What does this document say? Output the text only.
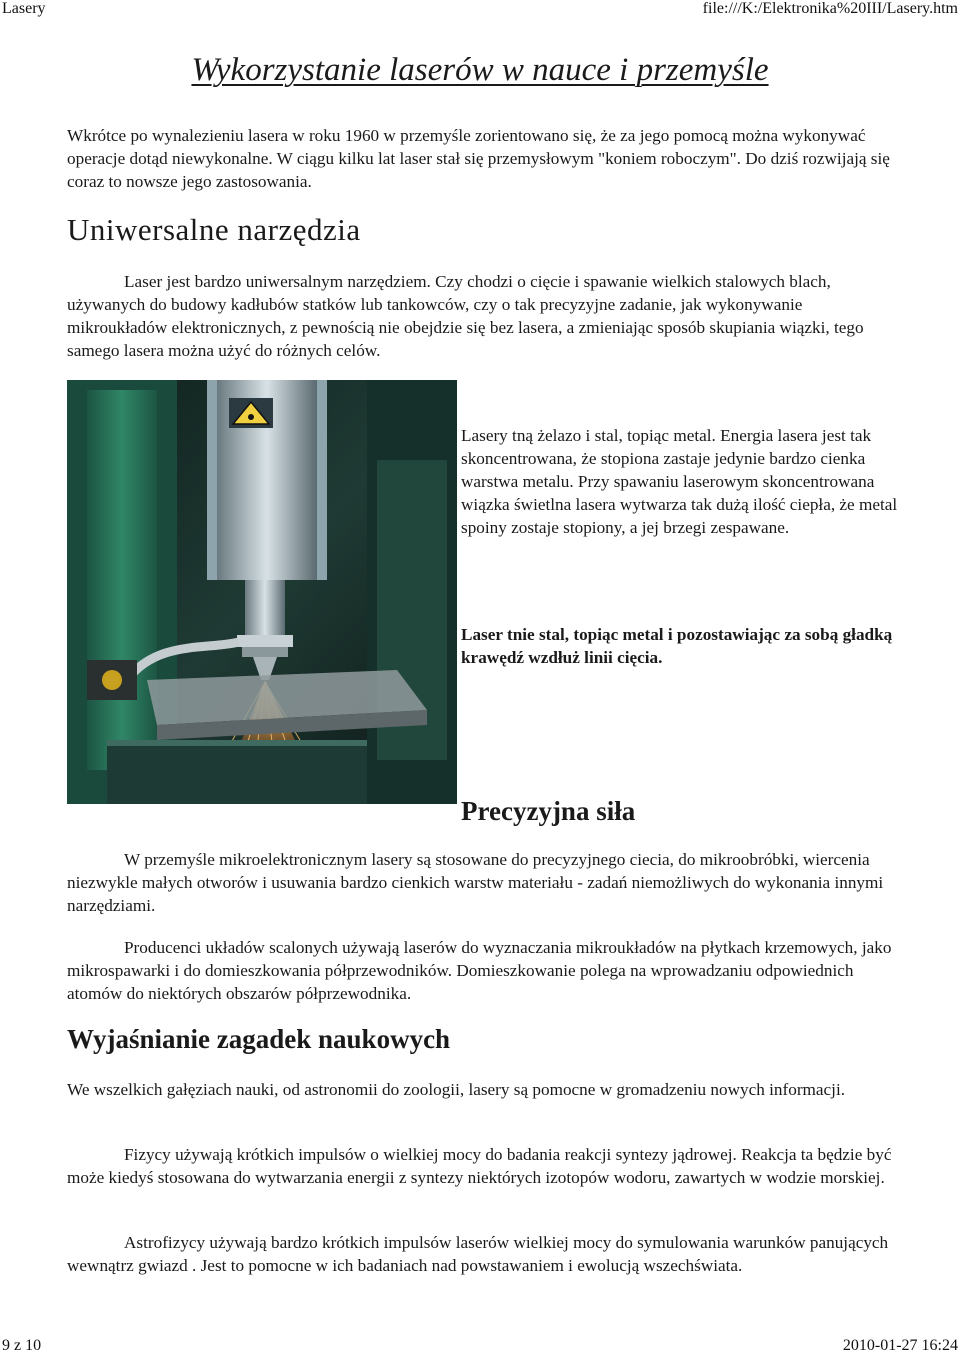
Lasery	file:///K:/Elektronika%20III/Lasery.htm
Wykorzystanie laserów w nauce i przemyśle

Wkrótce po wynalezieniu lasera w roku 1960 w przemyśle zorientowano się, że za jego pomocą można wykonywać operacje dotąd niewykonalne. W ciągu kilku lat laser stał się przemysłowym "koniem roboczym". Do dziś rozwijają się coraz to nowsze jego zastosowania.

Uniwersalne narzędzia

Laser jest bardzo uniwersalnym narzędziem. Czy chodzi o cięcie i spawanie wielkich stalowych blach, używanych do budowy kadłubów statków lub tankowców, czy o tak precyzyjne zadanie, jak wykonywanie mikroukładów elektronicznych, z pewnością nie obejdzie się bez lasera, a zmieniając sposób skupiania wiązki, tego samego lasera można użyć do różnych celów.

Lasery tną żelazo i stal, topiąc metal. Energia lasera jest tak skoncentrowana, że stopiona zastaje jedynie bardzo cienka warstwa metalu. Przy spawaniu laserowym skoncentrowana wiązka świetlna lasera wytwarza tak dużą ilość ciepła, że metal spoiny zostaje stopiony, a jej brzegi zespawane.

Laser tnie stal, topiąc metal i pozostawiając za sobą gładką krawędź wzdłuż linii cięcia.

Precyzyjna siła

W przemyśle mikroelektronicznym lasery są stosowane do precyzyjnego ciecia, do mikroobróbki, wiercenia niezwykle małych otworów i usuwania bardzo cienkich warstw materiału - zadań niemożliwych do wykonania innymi narzędziami.

Producenci układów scalonych używają laserów do wyznaczania mikroukładów na płytkach krzemowych, jako mikrospawarki i do domieszkowania półprzewodników. Domieszkowanie polega na wprowadzaniu odpowiednich atomów do niektórych obszarów półprzewodnika.

Wyjaśnianie zagadek naukowych

We wszelkich gałęziach nauki, od astronomii do zoologii, lasery są pomocne w gromadzeniu nowych informacji.

Fizycy używają krótkich impulsów o wielkiej mocy do badania reakcji syntezy jądrowej. Reakcja ta będzie być może kiedyś stosowana do wytwarzania energii z syntezy niektórych izotopów wodoru, zawartych w wodzie morskiej.

Astrofizycy używają bardzo krótkich impulsów laserów wielkiej mocy do symulowania warunków panujących wewnątrz gwiazd . Jest to pomocne w ich badaniach nad powstawaniem i ewolucją wszechświata.

9 z 10	2010-01-27 16:24
